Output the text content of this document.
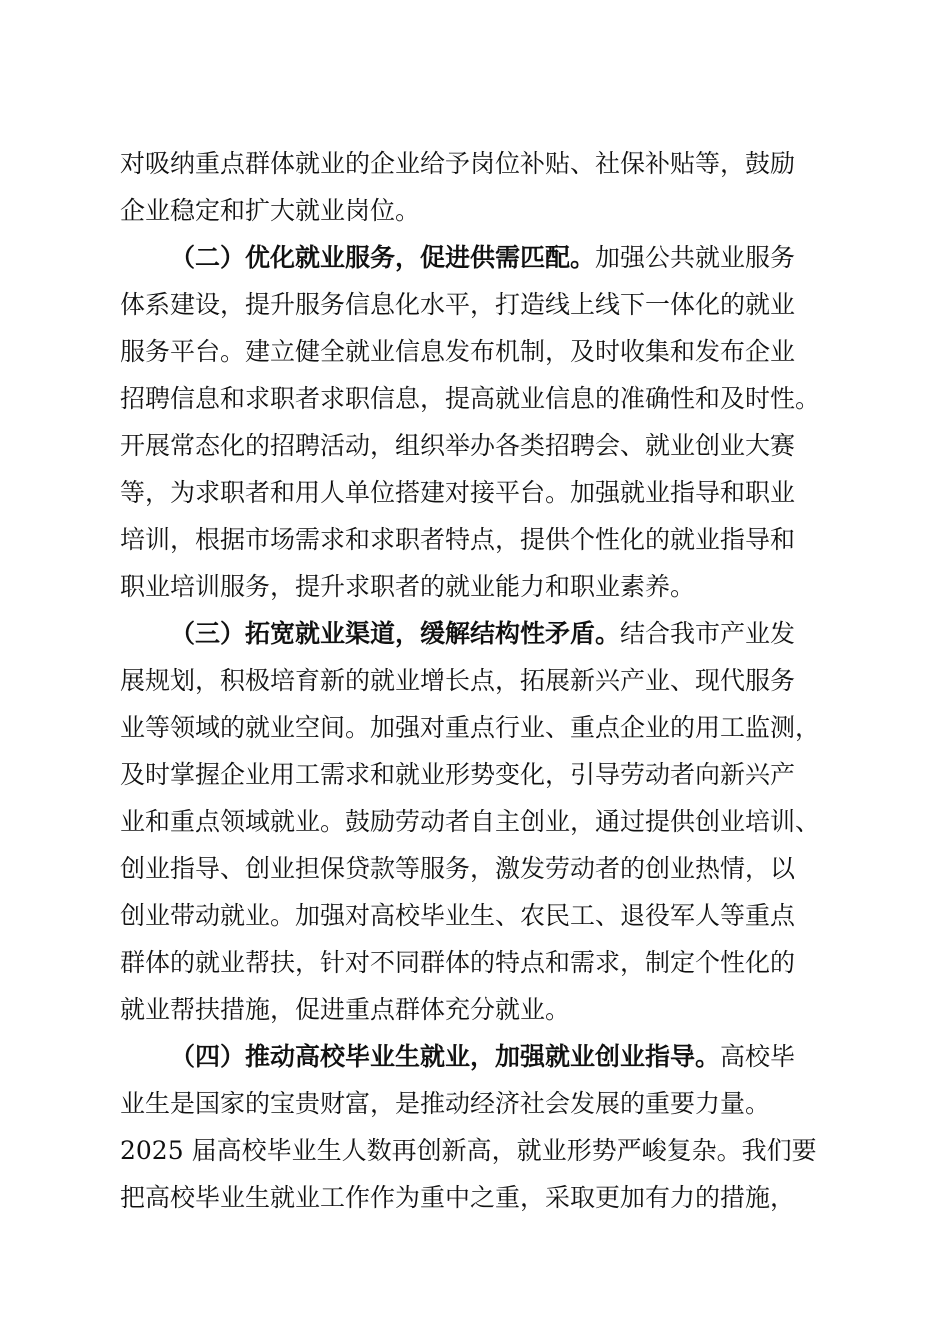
对吸纳重点群体就业的企业给予岗位补贴、社保补贴等，鼓励
企业稳定和扩大就业岗位。
（二）优化就业服务，促进供需匹配。加强公共就业服务
体系建设，提升服务信息化水平，打造线上线下一体化的就业
服务平台。建立健全就业信息发布机制，及时收集和发布企业
招聘信息和求职者求职信息，提高就业信息的准确性和及时性。
开展常态化的招聘活动，组织举办各类招聘会、就业创业大赛
等，为求职者和用人单位搭建对接平台。加强就业指导和职业
培训，根据市场需求和求职者特点，提供个性化的就业指导和
职业培训服务，提升求职者的就业能力和职业素养。
（三）拓宽就业渠道，缓解结构性矛盾。结合我市产业发
展规划，积极培育新的就业增长点，拓展新兴产业、现代服务
业等领域的就业空间。加强对重点行业、重点企业的用工监测，
及时掌握企业用工需求和就业形势变化，引导劳动者向新兴产
业和重点领域就业。鼓励劳动者自主创业，通过提供创业培训、
创业指导、创业担保贷款等服务，激发劳动者的创业热情，以
创业带动就业。加强对高校毕业生、农民工、退役军人等重点
群体的就业帮扶，针对不同群体的特点和需求，制定个性化的
就业帮扶措施，促进重点群体充分就业。
（四）推动高校毕业生就业，加强就业创业指导。高校毕
业生是国家的宝贵财富，是推动经济社会发展的重要力量。
2025 届高校毕业生人数再创新高，就业形势严峻复杂。我们要
把高校毕业生就业工作作为重中之重，采取更加有力的措施，
